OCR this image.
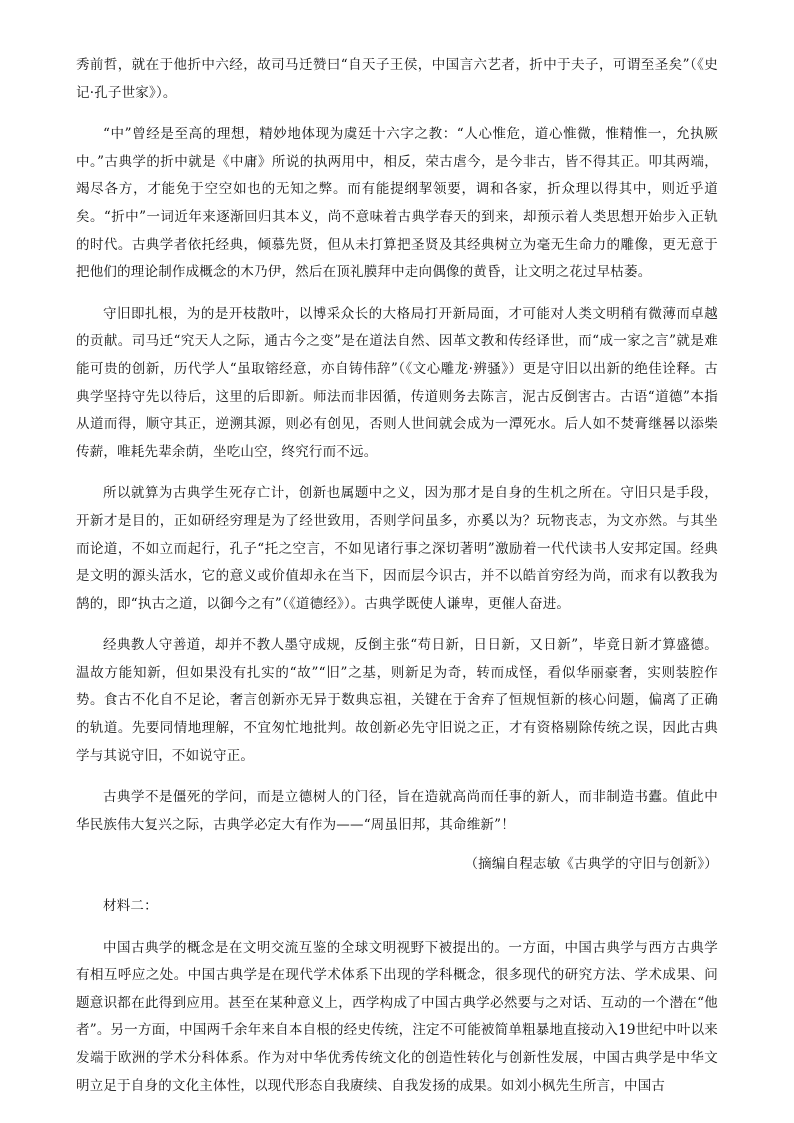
秀前哲，就在于他折中六经，故司马迁赞曰“自天子王侯，中国言六艺者，折中于夫子，可谓至圣矣”（《史记·孔子世家》）。

“中”曾经是至高的理想，精妙地体现为虞廷十六字之教：“人心惟危，道心惟微，惟精惟一，允执厥中。”古典学的折中就是《中庸》所说的执两用中，相反，荣古虐今，是今非古，皆不得其正。叩其两端，竭尽各方，才能免于空空如也的无知之弊。而有能提纲挈领要，调和各家，折众理以得其中，则近乎道矣。“折中”一词近年来逐渐回归其本义，尚不意味着古典学春天的到来，却预示着人类思想开始步入正轨的时代。古典学者依托经典，倾慕先贤，但从未打算把圣贤及其经典树立为毫无生命力的雕像，更无意于把他们的理论制作成概念的木乃伊，然后在顶礼膜拜中走向偶像的黄昏，让文明之花过早枯萎。

守旧即扎根，为的是开枝散叶，以博采众长的大格局打开新局面，才可能对人类文明稍有微薄而卓越的贡献。司马迁“究天人之际，通古今之变”是在道法自然、因革文教和传经译世，而“成一家之言”就是难能可贵的创新，历代学人“虽取镕经意，亦自铸伟辞”（《文心雕龙·辨骚》）更是守旧以出新的绝佳诠释。古典学坚持守先以待后，这里的后即新。师法而非因循，传道则务去陈言，泥古反倒害古。古语“道德”本指从道而得，顺守其正，逆溯其源，则必有创见，否则人世间就会成为一潭死水。后人如不焚膏继晷以添柴传薪，唯耗先辈余荫，坐吃山空，终究行而不远。

所以就算为古典学生死存亡计，创新也属题中之义，因为那才是自身的生机之所在。守旧只是手段，开新才是目的，正如研经穷理是为了经世致用，否则学问虽多，亦奚以为？玩物丧志，为文亦然。与其坐而论道，不如立而起行，孔子“托之空言，不如见诸行事之深切著明”激励着一代代读书人安邦定国。经典是文明的源头活水，它的意义或价值却永在当下，因而层今识古，并不以皓首穷经为尚，而求有以教我为鹄的，即“执古之道，以御今之有”（《道德经》）。古典学既使人谦卑，更催人奋进。

经典教人守善道，却并不教人墨守成规，反倒主张“苟日新，日日新，又日新”，毕竟日新才算盛德。温故方能知新，但如果没有扎实的“故”“旧”之基，则新足为奇，转而成怪，看似华丽豪奢，实则装腔作势。食古不化自不足论，奢言创新亦无异于数典忘祖，关键在于舍弃了恒规恒新的核心问题，偏离了正确的轨道。先要同情地理解，不宜匆忙地批判。故创新必先守旧说之正，才有资格剔除传统之误，因此古典学与其说守旧，不如说守正。

古典学不是僵死的学问，而是立德树人的门径，旨在造就高尚而任事的新人，而非制造书蠹。值此中华民族伟大复兴之际，古典学必定大有作为——“周虽旧邦，其命维新”！

（摘编自程志敏《古典学的守旧与创新》）

材料二：

中国古典学的概念是在文明交流互鉴的全球文明视野下被提出的。一方面，中国古典学与西方古典学有相互呼应之处。中国古典学是在现代学术体系下出现的学科概念，很多现代的研究方法、学术成果、问题意识都在此得到应用。甚至在某种意义上，西学构成了中国古典学必然要与之对话、互动的一个潜在“他者”。另一方面，中国两千余年来自本自根的经史传统，注定不可能被简单粗暴地直接动入19世纪中叶以来发端于欧洲的学术分科体系。作为对中华优秀传统文化的创造性转化与创新性发展，中国古典学是中华文明立足于自身的文化主体性，以现代形态自我赓续、自我发扬的成果。如刘小枫先生所言，中国古
